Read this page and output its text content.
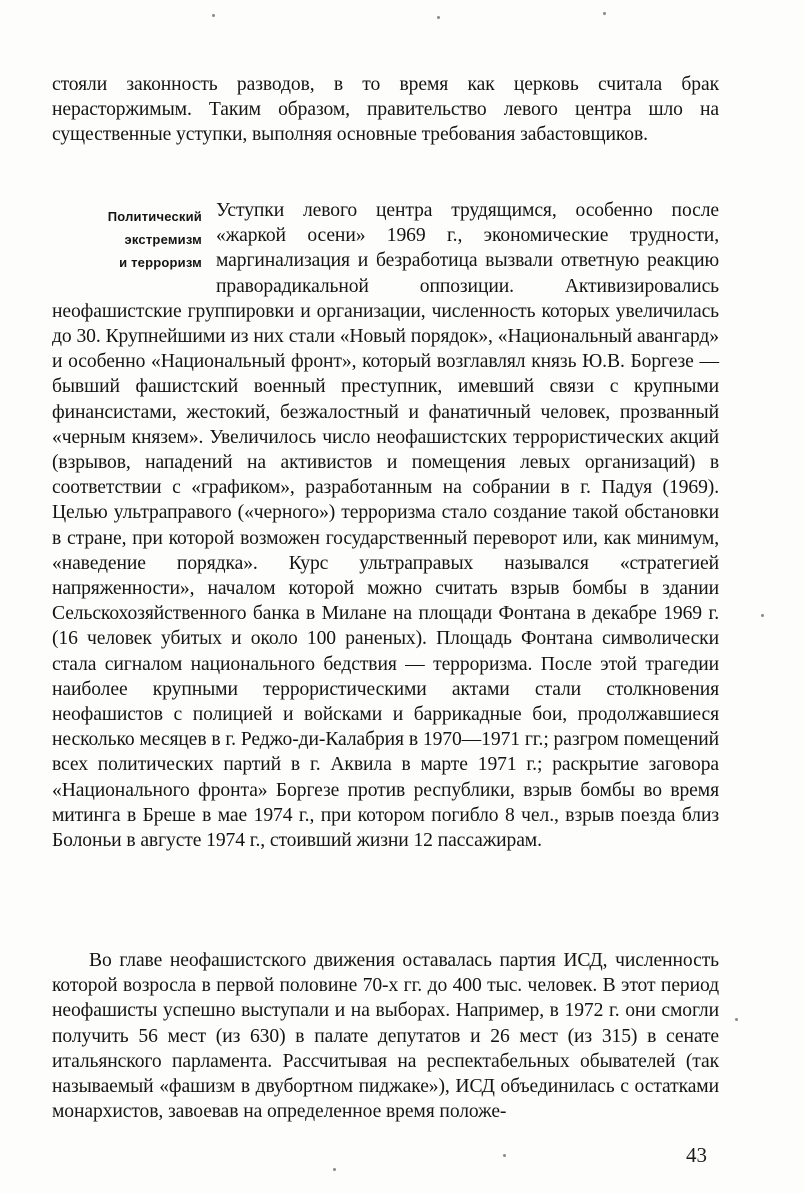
стояли законность разводов, в то время как церковь считала брак нерасторжимым. Таким образом, правительство левого центра шло на существенные уступки, выполняя основные требования забастовщиков.

Политический
экстремизм
и терроризм

Уступки левого центра трудящимся, особенно после «жаркой осени» 1969 г., экономические трудности, маргинализация и безработица вызвали ответную реакцию праворадикальной оппозиции. Активизировались неофашистские группировки и организации, численность которых увеличилась до 30. Крупнейшими из них стали «Новый порядок», «Национальный авангард» и особенно «Национальный фронт», который возглавлял князь Ю.В. Боргезе — бывший фашистский военный преступник, имевший связи с крупными финансистами, жестокий, безжалостный и фанатичный человек, прозванный «черным князем». Увеличилось число неофашистских террористических акций (взрывов, нападений на активистов и помещения левых организаций) в соответствии с «графиком», разработанным на собрании в г. Падуя (1969). Целью ультраправого («черного») терроризма стало создание такой обстановки в стране, при которой возможен государственный переворот или, как минимум, «наведение порядка». Курс ультраправых назывался «стратегией напряженности», началом которой можно считать взрыв бомбы в здании Сельскохозяйственного банка в Милане на площади Фонтана в декабре 1969 г. (16 человек убитых и около 100 раненых). Площадь Фонтана символически стала сигналом национального бедствия — терроризма. После этой трагедии наиболее крупными террористическими актами стали столкновения неофашистов с полицией и войсками и баррикадные бои, продолжавшиеся несколько месяцев в г. Реджо-ди-Калабрия в 1970—1971 гг.; разгром помещений всех политических партий в г. Аквила в марте 1971 г.; раскрытие заговора «Национального фронта» Боргезе против республики, взрыв бомбы во время митинга в Бреше в мае 1974 г., при котором погибло 8 чел., взрыв поезда близ Болоньи в августе 1974 г., стоивший жизни 12 пассажирам.

Во главе неофашистского движения оставалась партия ИСД, численность которой возросла в первой половине 70-х гг. до 400 тыс. человек. В этот период неофашисты успешно выступали и на выборах. Например, в 1972 г. они смогли получить 56 мест (из 630) в палате депутатов и 26 мест (из 315) в сенате итальянского парламента. Рассчитывая на респектабельных обывателей (так называемый «фашизм в двубортном пиджаке»), ИСД объединилась с остатками монархистов, завоевав на определенное время положе-

43
